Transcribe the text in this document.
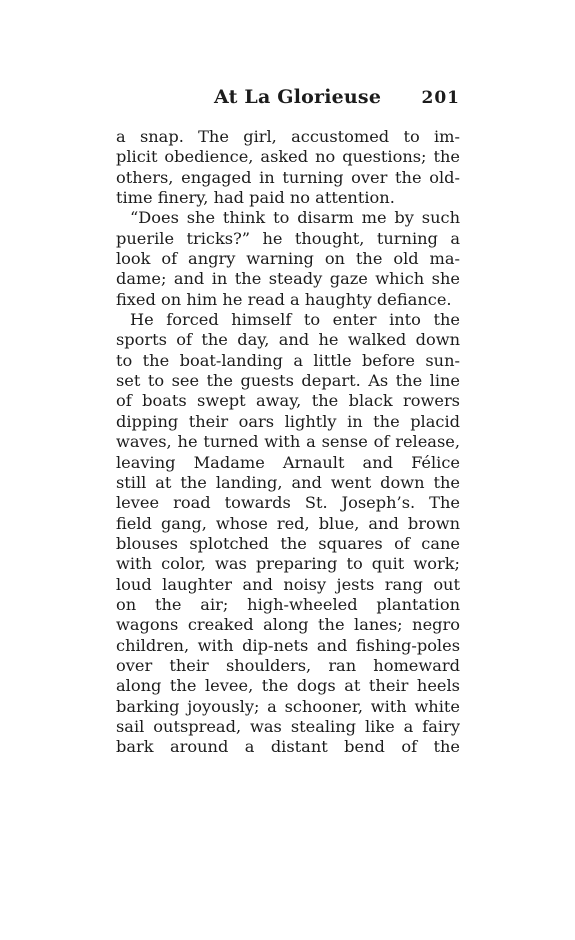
At La Glorieuse 201
a snap. The girl, accustomed to im-
plicit obedience, asked no questions; the
others, engaged in turning over the old-
time finery, had paid no attention.
“Does she think to disarm me by such
puerile tricks?” he thought, turning a
look of angry warning on the old ma-
dame; and in the steady gaze which she
fixed on him he read a haughty defiance.
He forced himself to enter into the
sports of the day, and he walked down
to the boat-landing a little before sun-
set to see the guests depart. As the line
of boats swept away, the black rowers
dipping their oars lightly in the placid
waves, he turned with a sense of release,
leaving Madame Arnault and Félice
still at the landing, and went down the
levee road towards St. Joseph’s. The
field gang, whose red, blue, and brown
blouses splotched the squares of cane
with color, was preparing to quit work;
loud laughter and noisy jests rang out
on the air; high-wheeled plantation
wagons creaked along the lanes; negro
children, with dip-nets and fishing-poles
over their shoulders, ran homeward
along the levee, the dogs at their heels
barking joyously; a schooner, with white
sail outspread, was stealing like a fairy
bark around a distant bend of the
